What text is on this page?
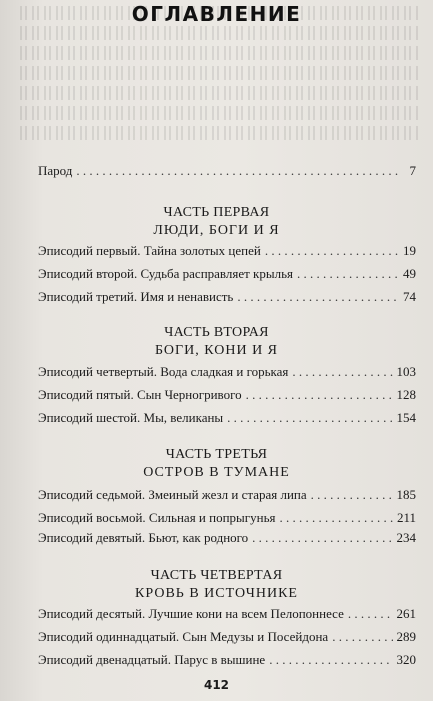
ОГЛАВЛЕНИЕ
Парод . . .	7
ЧАСТЬ ПЕРВАЯ
ЛЮДИ, БОГИ И Я
Эписодий первый. Тайна золотых цепей . . .	19
Эписодий второй. Судьба расправляет крылья . . .	49
Эписодий третий. Имя и ненависть . . .	74
ЧАСТЬ ВТОРАЯ
БОГИ, КОНИ И Я
Эписодий четвертый. Вода сладкая и горькая . . .	103
Эписодий пятый. Сын Черногривого . . .	128
Эписодий шестой. Мы, великаны . . .	154
ЧАСТЬ ТРЕТЬЯ
ОСТРОВ В ТУМАНЕ
Эписодий седьмой. Змеиный жезл и старая липа . . .	185
Эписодий восьмой. Сильная и попрыгунья . . .	211
Эписодий девятый. Бьют, как родного . . .	234
ЧАСТЬ ЧЕТВЕРТАЯ
КРОВЬ В ИСТОЧНИКЕ
Эписодий десятый. Лучшие кони на всем Пелопоннесе . . .	261
Эписодий одиннадцатый. Сын Медузы и Посейдона . . .	289
Эписодий двенадцатый. Парус в вышине . . .	320
412
